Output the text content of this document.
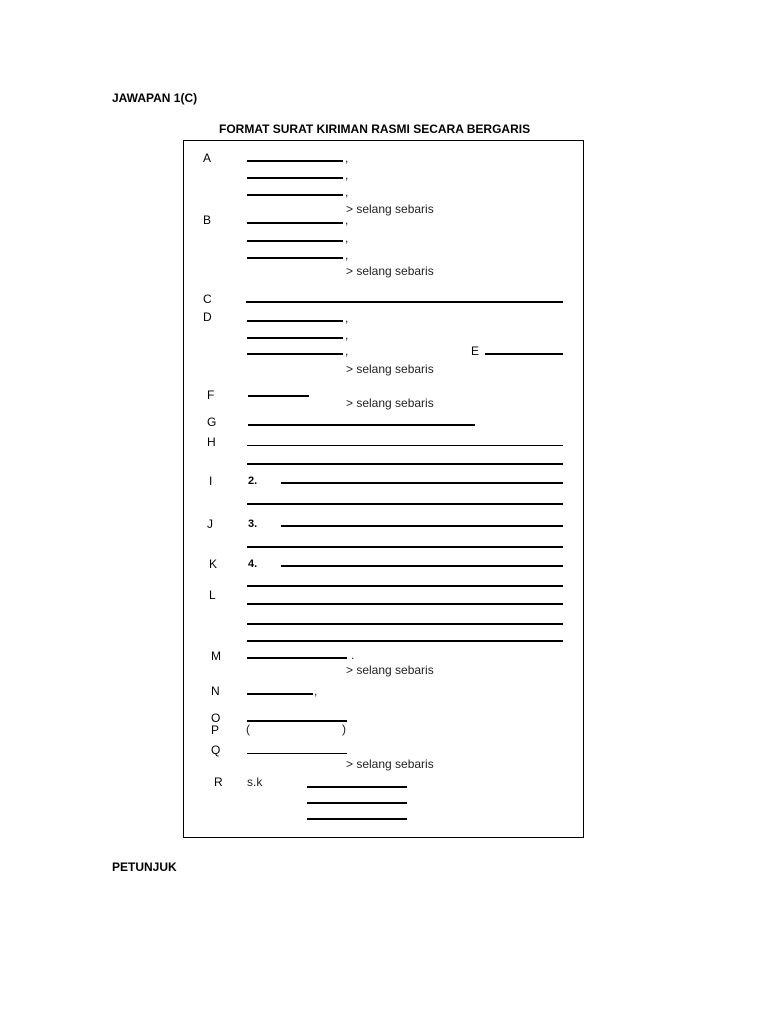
JAWAPAN 1(C)
FORMAT SURAT KIRIMAN RASMI SECARA BERGARIS
A	,
,
,
> selang sebaris
B	,
,
,
> selang sebaris
C
D	,
,
,	E
> selang sebaris
F
> selang sebaris
G
H
I	2.
J	3.
K	4.
L
M	.
> selang sebaris
N	,
O
P (	)
Q
> selang sebaris
R s.k
PETUNJUK
